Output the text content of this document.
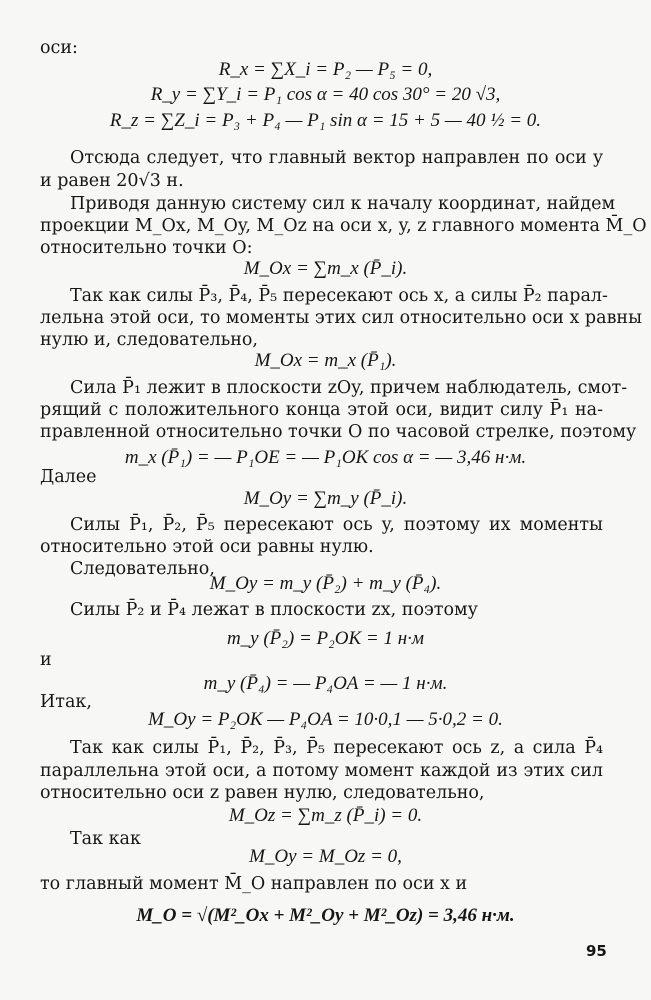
оси:
R_x = ∑X_i = P₂ — P₅ = 0,
R_y = ∑Y_i = P₁ cos α = 40 cos 30° = 20 √3,
R_z = ∑Z_i = P₃ + P₄ — P₁ sin α = 15 + 5 — 40 ½ = 0.
Отсюда следует, что главный вектор направлен по оси y
и равен 20√3 н.
Приводя данную систему сил к началу координат, найдем
проекции M_Ox, M_Oy, M_Oz на оси x, y, z главного момента M̄_O
относительно точки O:
M_Ox = ∑m_x (P̄_i).
Так как силы P̄₃, P̄₄, P̄₅ пересекают ось x, а силы P̄₂ парал-
лельна этой оси, то моменты этих сил относительно оси x равны
нулю и, следовательно,
M_Ox = m_x (P̄₁).
Сила P̄₁ лежит в плоскости zOy, причем наблюдатель, смот-
рящий с положительного конца этой оси, видит силу P̄₁ на-
правленной относительно точки O по часовой стрелке, поэтому
m_x (P̄₁) = — P₁OE = — P₁OK cos α = — 3,46 н·м.
Далее
M_Oy = ∑m_y (P̄_i).
Силы P̄₁, P̄₂, P̄₅ пересекают ось y, поэтому их моменты
относительно этой оси равны нулю.
Следовательно,
M_Oy = m_y (P̄₂) + m_y (P̄₄).
Силы P̄₂ и P̄₄ лежат в плоскости zx, поэтому
m_y (P̄₂) = P₂OK = 1 н·м
и
m_y (P̄₄) = — P₄OA = — 1 н·м.
Итак,
M_Oy = P₂OK — P₄OA = 10·0,1 — 5·0,2 = 0.
Так как силы P̄₁, P̄₂, P̄₃, P̄₅ пересекают ось z, а сила P̄₄
параллельна этой оси, а потому момент каждой из этих сил
относительно оси z равен нулю, следовательно,
M_Oz = ∑m_z (P̄_i) = 0.
Так как
M_Oy = M_Oz = 0,
то главный момент M̄_O направлен по оси x и
M_O = √(M²_Ox + M²_Oy + M²_Oz) = 3,46 н·м.
95
